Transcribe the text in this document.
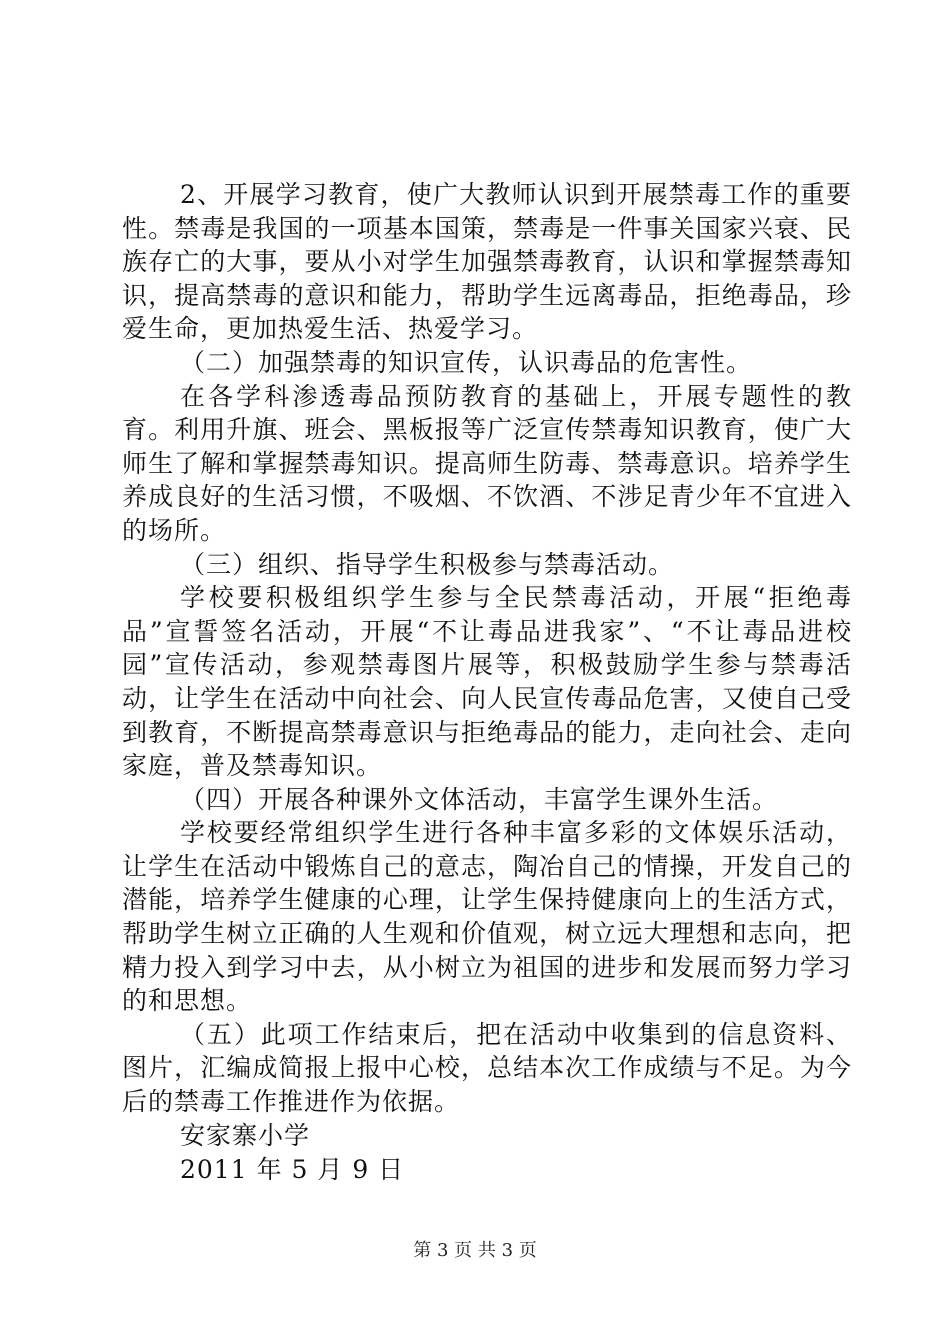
2、开展学习教育，使广大教师认识到开展禁毒工作的重要性。禁毒是我国的一项基本国策，禁毒是一件事关国家兴衰、民族存亡的大事，要从小对学生加强禁毒教育，认识和掌握禁毒知识，提高禁毒的意识和能力，帮助学生远离毒品，拒绝毒品，珍爱生命，更加热爱生活、热爱学习。

（二）加强禁毒的知识宣传，认识毒品的危害性。

在各学科渗透毒品预防教育的基础上，开展专题性的教育。利用升旗、班会、黑板报等广泛宣传禁毒知识教育，使广大师生了解和掌握禁毒知识。提高师生防毒、禁毒意识。培养学生养成良好的生活习惯，不吸烟、不饮酒、不涉足青少年不宜进入的场所。

（三）组织、指导学生积极参与禁毒活动。

学校要积极组织学生参与全民禁毒活动，开展“拒绝毒品”宣誓签名活动，开展“不让毒品进我家”、“不让毒品进校园”宣传活动，参观禁毒图片展等，积极鼓励学生参与禁毒活动，让学生在活动中向社会、向人民宣传毒品危害，又使自己受到教育，不断提高禁毒意识与拒绝毒品的能力，走向社会、走向家庭，普及禁毒知识。

（四）开展各种课外文体活动，丰富学生课外生活。

学校要经常组织学生进行各种丰富多彩的文体娱乐活动，让学生在活动中锻炼自己的意志，陶冶自己的情操，开发自己的潜能，培养学生健康的心理，让学生保持健康向上的生活方式，帮助学生树立正确的人生观和价值观，树立远大理想和志向，把精力投入到学习中去，从小树立为祖国的进步和发展而努力学习的和思想。

（五）此项工作结束后，把在活动中收集到的信息资料、图片，汇编成简报上报中心校，总结本次工作成绩与不足。为今后的禁毒工作推进作为依据。

安家寨小学

2011 年 5 月 9 日

第 3 页 共 3 页
